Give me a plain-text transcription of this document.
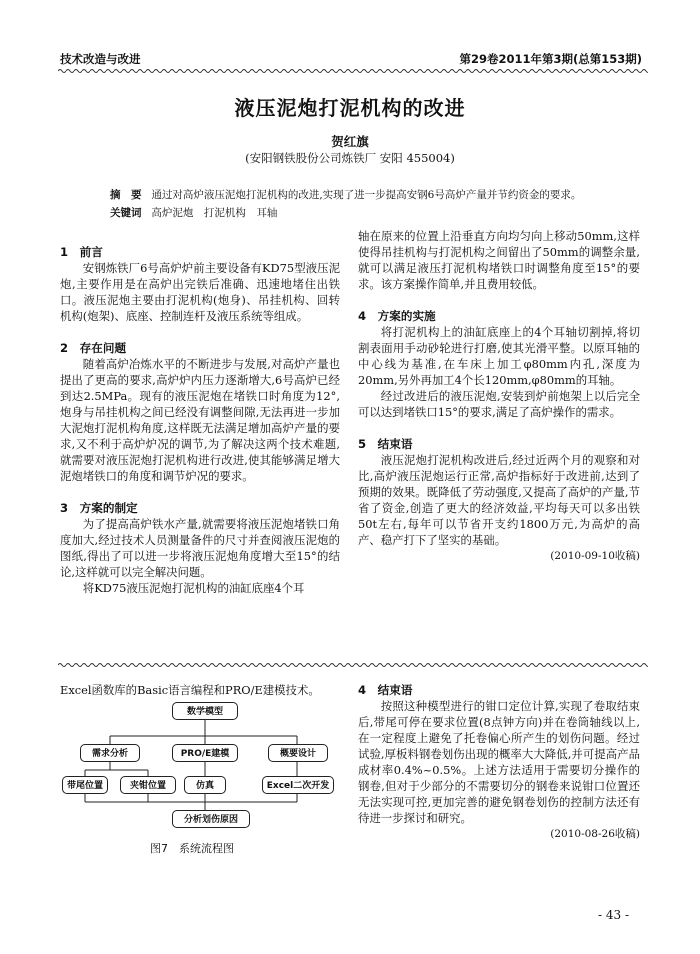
技术改造与改进	第29卷2011年第3期(总第153期)
液压泥炮打泥机构的改进
贺红旗
(安阳钢铁股份公司炼铁厂 安阳 455004)
摘　要 通过对高炉液压泥炮打泥机构的改进,实现了进一步提高安钢6号高炉产量并节约资金的要求。
关键词 高炉泥炮　打泥机构　耳轴
1　前言

安钢炼铁厂6号高炉炉前主要设备有KD75型液压泥炮,主要作用是在高炉出完铁后准确、迅速地堵住出铁口。液压泥炮主要由打泥机构(炮身)、吊挂机构、回转机构(炮架)、底座、控制连杆及液压系统等组成。

2　存在问题

随着高炉冶炼水平的不断进步与发展,对高炉产量也提出了更高的要求,高炉炉内压力逐渐增大,6号高炉已经到达2.5MPa。现有的液压泥炮在堵铁口时角度为12°,炮身与吊挂机构之间已经没有调整间隙,无法再进一步加大泥炮打泥机构角度,这样既无法满足增加高炉产量的要求,又不利于高炉炉况的调节,为了解决这两个技术难题,就需要对液压泥炮打泥机构进行改进,使其能够满足增大泥炮堵铁口的角度和调节炉况的要求。

3　方案的制定

为了提高高炉铁水产量,就需要将液压泥炮堵铁口角度加大,经过技术人员测量备件的尺寸并查阅液压泥炮的图纸,得出了可以进一步将液压泥炮角度增大至15°的结论,这样就可以完全解决问题。

将KD75液压泥炮打泥机构的油缸底座4个耳

轴在原来的位置上沿垂直方向均匀向上移动50mm,这样使得吊挂机构与打泥机构之间留出了50mm的调整余量,就可以满足液压打泥机构堵铁口时调整角度至15°的要求。该方案操作简单,并且费用较低。

4　方案的实施

将打泥机构上的油缸底座上的4个耳轴切割掉,将切割表面用手动砂轮进行打磨,使其光滑平整。以原耳轴的中心线为基准,在车床上加工φ80mm内孔,深度为20mm,另外再加工4个长120mm,φ80mm的耳轴。

经过改进后的液压泥炮,安装到炉前炮架上以后完全可以达到堵铁口15°的要求,满足了高炉操作的需求。

5　结束语

液压泥炮打泥机构改进后,经过近两个月的观察和对比,高炉液压泥炮运行正常,高炉指标好于改进前,达到了预期的效果。既降低了劳动强度,又提高了高炉的产量,节省了资金,创造了更大的经济效益,平均每天可以多出铁50t左右,每年可以节省开支约1800万元,为高炉的高产、稳产打下了坚实的基础。

(2010-09-10收稿)
Excel函数库的Basic语言编程和PRO/E建模技术。
数学模型
需求分析	PRO/E建模	概要设计
带尾位置	夹钳位置	仿真	Excel二次开发
分析划伤原因
图7　系统流程图
4　结束语

按照这种模型进行的钳口定位计算,实现了卷取结束后,带尾可停在要求位置(8点钟方向)并在卷筒轴线以上,在一定程度上避免了托卷偏心所产生的划伤问题。经过试验,厚板料钢卷划伤出现的概率大大降低,并可提高产品成材率0.4%~0.5%。上述方法适用于需要切分操作的钢卷,但对于少部分的不需要切分的钢卷来说钳口位置还无法实现可控,更加完善的避免钢卷划伤的控制方法还有待进一步探讨和研究。

(2010-08-26收稿)
- 43 -
